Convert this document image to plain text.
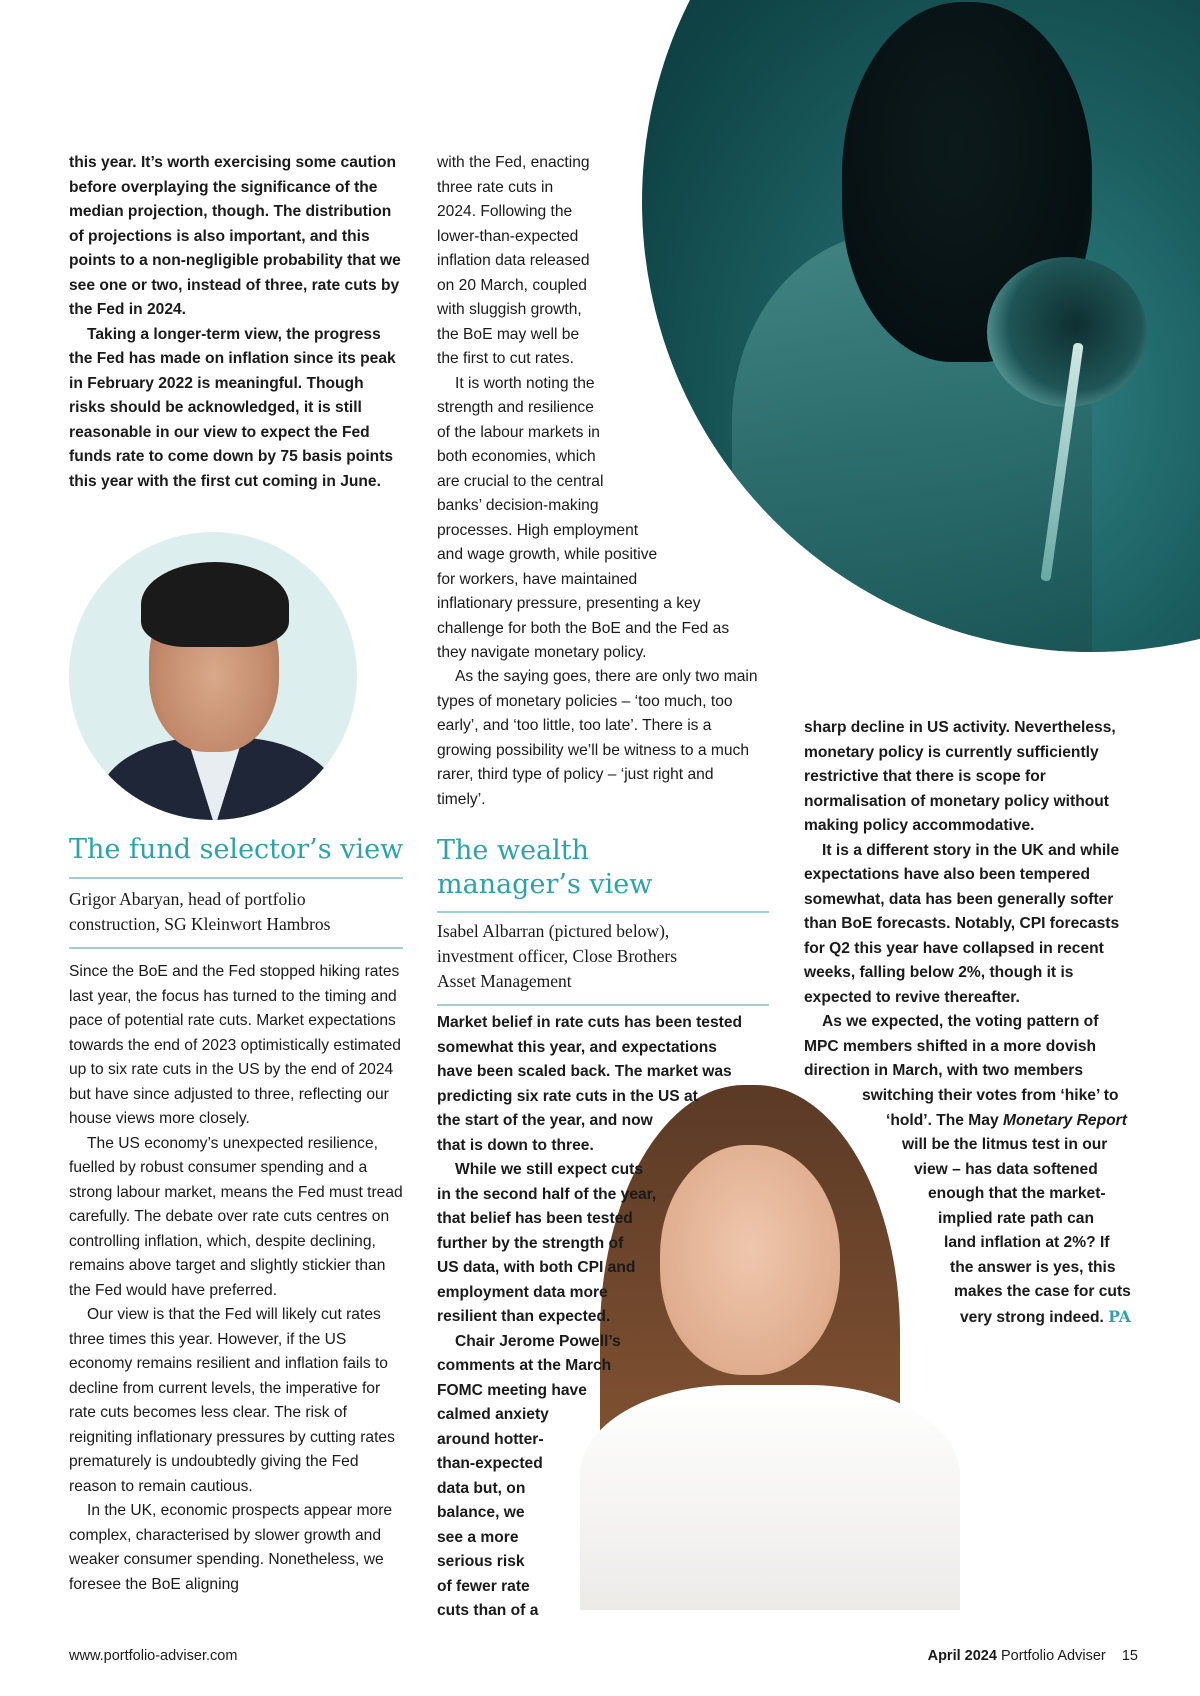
this year. It’s worth exercising some caution before overplaying the significance of the median projection, though. The distribution of projections is also important, and this points to a non-negligible probability that we see one or two, instead of three, rate cuts by the Fed in 2024.

Taking a longer-term view, the progress the Fed has made on inflation since its peak in February 2022 is meaningful. Though risks should be acknowledged, it is still reasonable in our view to expect the Fed funds rate to come down by 75 basis points this year with the first cut coming in June.

The fund selector’s view

Grigor Abaryan, head of portfolio
construction, SG Kleinwort Hambros

Since the BoE and the Fed stopped hiking rates last year, the focus has turned to the timing and pace of potential rate cuts. Market expectations towards the end of 2023 optimistically estimated up to six rate cuts in the US by the end of 2024 but have since adjusted to three, reflecting our house views more closely.

The US economy’s unexpected resilience, fuelled by robust consumer spending and a strong labour market, means the Fed must tread carefully. The debate over rate cuts centres on controlling inflation, which, despite declining, remains above target and slightly stickier than the Fed would have preferred.

Our view is that the Fed will likely cut rates three times this year. However, if the US economy remains resilient and inflation fails to decline from current levels, the imperative for rate cuts becomes less clear. The risk of reigniting inflationary pressures by cutting rates prematurely is undoubtedly giving the Fed reason to remain cautious.

In the UK, economic prospects appear more complex, characterised by slower growth and weaker consumer spending. Nonetheless, we foresee the BoE aligning

with the Fed, enacting
three rate cuts in
2024. Following the
lower-than-expected
inflation data released
on 20 March, coupled
with sluggish growth,
the BoE may well be
the first to cut rates.
It is worth noting the
strength and resilience
of the labour markets in
both economies, which
are crucial to the central
banks’ decision-making
processes. High employment
and wage growth, while positive
for workers, have maintained
inflationary pressure, presenting a key
challenge for both the BoE and the Fed as
they navigate monetary policy.

As the saying goes, there are only two main types of monetary policies – ‘too much, too early’, and ‘too little, too late’. There is a growing possibility we’ll be witness to a much rarer, third type of policy – ‘just right and timely’.

The wealth
manager’s view

Isabel Albarran (pictured below),
investment officer, Close Brothers
Asset Management

Market belief in rate cuts has been tested
somewhat this year, and expectations
have been scaled back. The market was
predicting six rate cuts in the US at
the start of the year, and now
that is down to three.
While we still expect cuts
in the second half of the year,
that belief has been tested
further by the strength of
US data, with both CPI and
employment data more
resilient than expected.
Chair Jerome Powell’s
comments at the March
FOMC meeting have
calmed anxiety
around hotter-
than-expected
data but, on
balance, we
see a more
serious risk
of fewer rate
cuts than of a

sharp decline in US activity. Nevertheless, monetary policy is currently sufficiently restrictive that there is scope for normalisation of monetary policy without making policy accommodative.

It is a different story in the UK and while expectations have also been tempered somewhat, data has been generally softer than BoE forecasts. Notably, CPI forecasts for Q2 this year have collapsed in recent weeks, falling below 2%, though it is expected to revive thereafter.

As we expected, the voting pattern of
MPC members shifted in a more dovish
direction in March, with two members
switching their votes from ‘hike’ to
‘hold’. The May Monetary Report
will be the litmus test in our
view – has data softened
enough that the market-
implied rate path can
land inflation at 2%? If
the answer is yes, this
makes the case for cuts
very strong indeed. PA
www.portfolio-adviser.com	April 2024 Portfolio Adviser 15
